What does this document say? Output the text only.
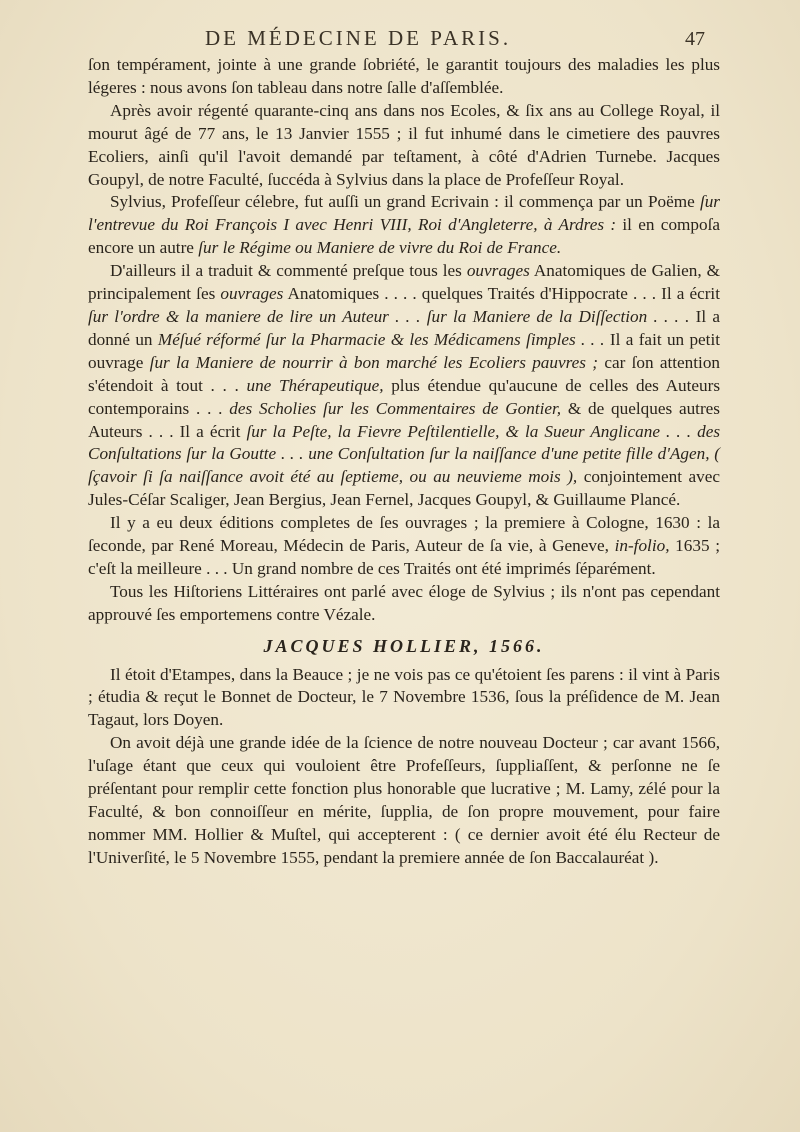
DE MÉDECINE DE PARIS.	47

ſon tempérament, jointe à une grande ſobriété, le garantit toujours des maladies les plus légeres : nous avons ſon tableau dans notre ſalle d'aſſemblée.

Après avoir régenté quarante-cinq ans dans nos Ecoles, & ſix ans au College Royal, il mourut âgé de 77 ans, le 13 Janvier 1555 ; il fut inhumé dans le cimetiere des pauvres Ecoliers, ainſi qu'il l'avoit demandé par teſtament, à côté d'Adrien Turnebe. Jacques Goupyl, de notre Faculté, ſuccéda à Sylvius dans la place de Profeſſeur Royal.

Sylvius, Profeſſeur célebre, fut auſſi un grand Ecrivain : il commença par un Poëme ſur l'entrevue du Roi François I avec Henri VIII, Roi d'Angleterre, à Ardres : il en compoſa encore un autre ſur le Régime ou Maniere de vivre du Roi de France.

D'ailleurs il a traduit & commenté preſque tous les ouvrages Anatomiques de Galien, & principalement ſes ouvrages Anatomiques . . . . quelques Traités d'Hippocrate . . . Il a écrit ſur l'ordre & la maniere de lire un Auteur . . . ſur la Maniere de la Diſſection . . . . Il a donné un Méſué réformé ſur la Pharmacie & les Médicamens ſimples . . . Il a fait un petit ouvrage ſur la Maniere de nourrir à bon marché les Ecoliers pauvres ; car ſon attention s'étendoit à tout . . . une Thérapeutique, plus étendue qu'aucune de celles des Auteurs contemporains . . . des Scholies ſur les Commentaires de Gontier, & de quelques autres Auteurs . . . Il a écrit ſur la Peſte, la Fievre Peſtilentielle, & la Sueur Anglicane . . . des Conſultations ſur la Goutte . . . une Conſultation ſur la naiſſance d'une petite fille d'Agen, ( ſçavoir ſi ſa naiſſance avoit été au ſeptieme, ou au neuvieme mois ), conjointement avec Jules-Céſar Scaliger, Jean Bergius, Jean Fernel, Jacques Goupyl, & Guillaume Plancé.

Il y a eu deux éditions completes de ſes ouvrages ; la premiere à Cologne, 1630 : la ſeconde, par René Moreau, Médecin de Paris, Auteur de ſa vie, à Geneve, in-folio, 1635 ; c'eſt la meilleure . . . Un grand nombre de ces Traités ont été imprimés ſéparément.

Tous les Hiſtoriens Littéraires ont parlé avec éloge de Sylvius ; ils n'ont pas cependant approuvé ſes emportemens contre Vézale.

JACQUES HOLLIER, 1566.

Il étoit d'Etampes, dans la Beauce ; je ne vois pas ce qu'étoient ſes parens : il vint à Paris ; étudia & reçut le Bonnet de Docteur, le 7 Novembre 1536, ſous la préſidence de M. Jean Tagaut, lors Doyen.

On avoit déjà une grande idée de la ſcience de notre nouveau Docteur ; car avant 1566, l'uſage étant que ceux qui vouloient être Profeſſeurs, ſuppliaſſent, & perſonne ne ſe préſentant pour remplir cette fonction plus honorable que lucrative ; M. Lamy, zélé pour la Faculté, & bon connoiſſeur en mérite, ſupplia, de ſon propre mouvement, pour faire nommer MM. Hollier & Muſtel, qui accepterent : ( ce dernier avoit été élu Recteur de l'Univerſité, le 5 Novembre 1555, pendant la premiere année de ſon Baccalauréat ).
